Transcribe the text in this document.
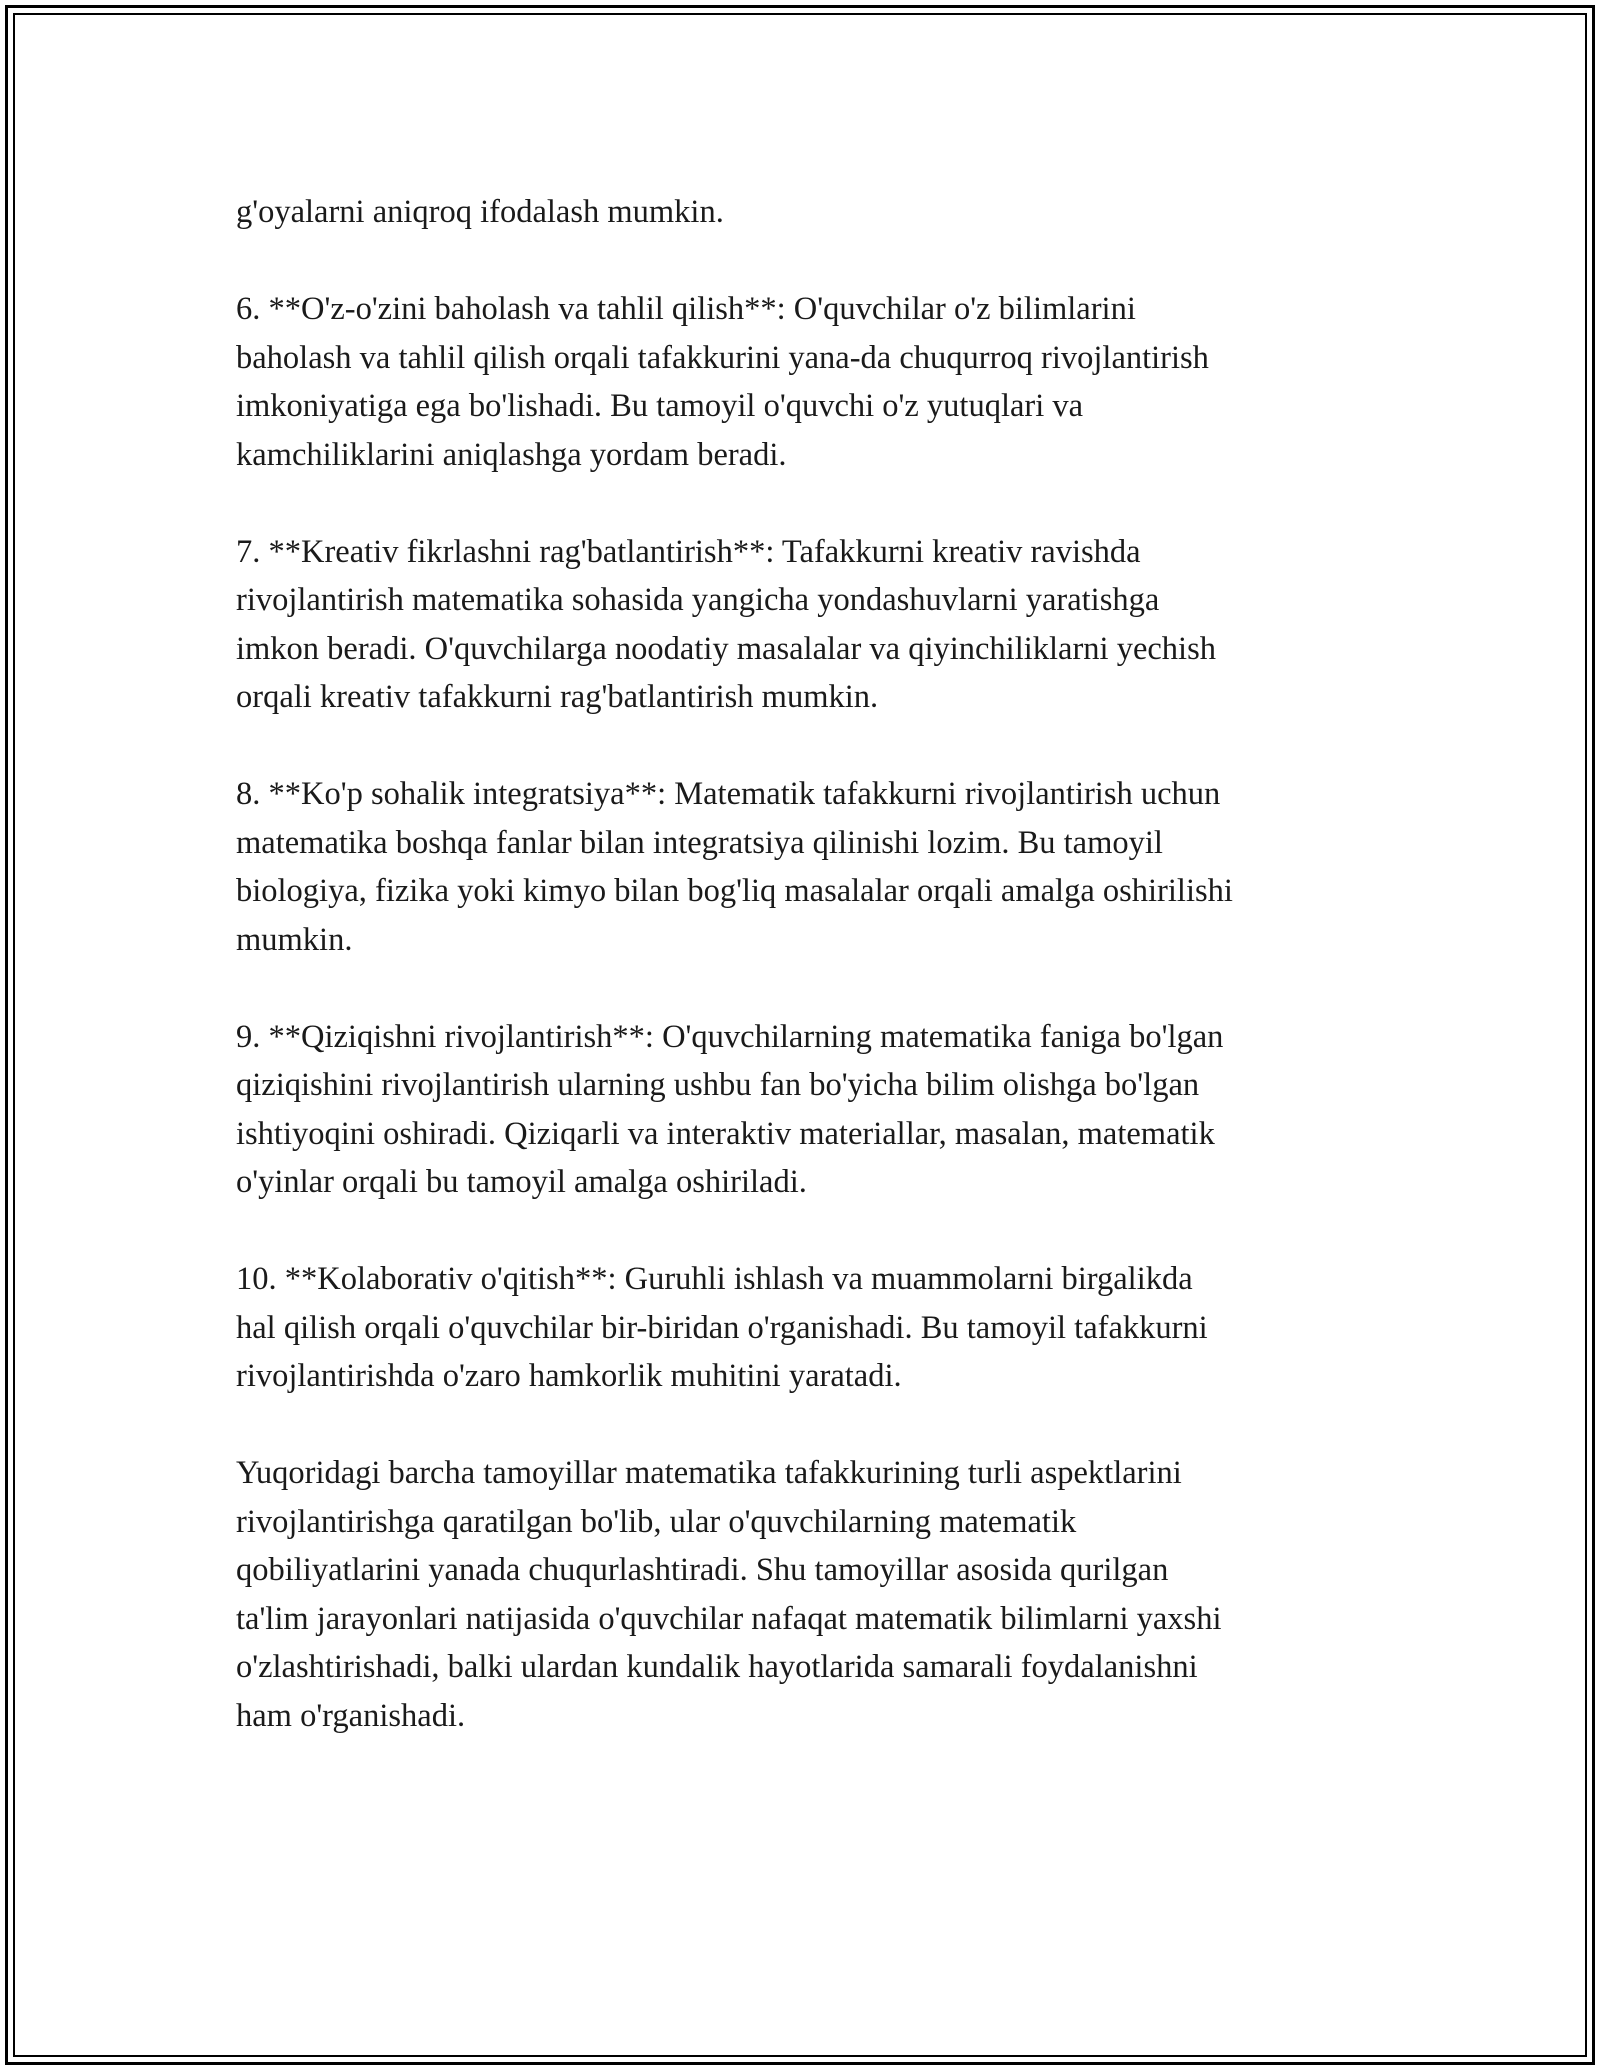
g'oyalarni aniqroq ifodalash mumkin.

6. **O'z-o'zini baholash va tahlil qilish**: O'quvchilar o'z bilimlarini
baholash va tahlil qilish orqali tafakkurini yana-da chuqurroq rivojlantirish
imkoniyatiga ega bo'lishadi. Bu tamoyil o'quvchi o'z yutuqlari va
kamchiliklarini aniqlashga yordam beradi.

7. **Kreativ fikrlashni rag'batlantirish**: Tafakkurni kreativ ravishda
rivojlantirish matematika sohasida yangicha yondashuvlarni yaratishga
imkon beradi. O'quvchilarga noodatiy masalalar va qiyinchiliklarni yechish
orqali kreativ tafakkurni rag'batlantirish mumkin.

8. **Ko'p sohalik integratsiya**: Matematik tafakkurni rivojlantirish uchun
matematika boshqa fanlar bilan integratsiya qilinishi lozim. Bu tamoyil
biologiya, fizika yoki kimyo bilan bog'liq masalalar orqali amalga oshirilishi
mumkin.

9. **Qiziqishni rivojlantirish**: O'quvchilarning matematika faniga bo'lgan
qiziqishini rivojlantirish ularning ushbu fan bo'yicha bilim olishga bo'lgan
ishtiyoqini oshiradi. Qiziqarli va interaktiv materiallar, masalan, matematik
o'yinlar orqali bu tamoyil amalga oshiriladi.

10. **Kolaborativ o'qitish**: Guruhli ishlash va muammolarni birgalikda
hal qilish orqali o'quvchilar bir-biridan o'rganishadi. Bu tamoyil tafakkurni
rivojlantirishda o'zaro hamkorlik muhitini yaratadi.

Yuqoridagi barcha tamoyillar matematika tafakkurining turli aspektlarini
rivojlantirishga qaratilgan bo'lib, ular o'quvchilarning matematik
qobiliyatlarini yanada chuqurlashtiradi. Shu tamoyillar asosida qurilgan
ta'lim jarayonlari natijasida o'quvchilar nafaqat matematik bilimlarni yaxshi
o'zlashtirishadi, balki ulardan kundalik hayotlarida samarali foydalanishni
ham o'rganishadi.
